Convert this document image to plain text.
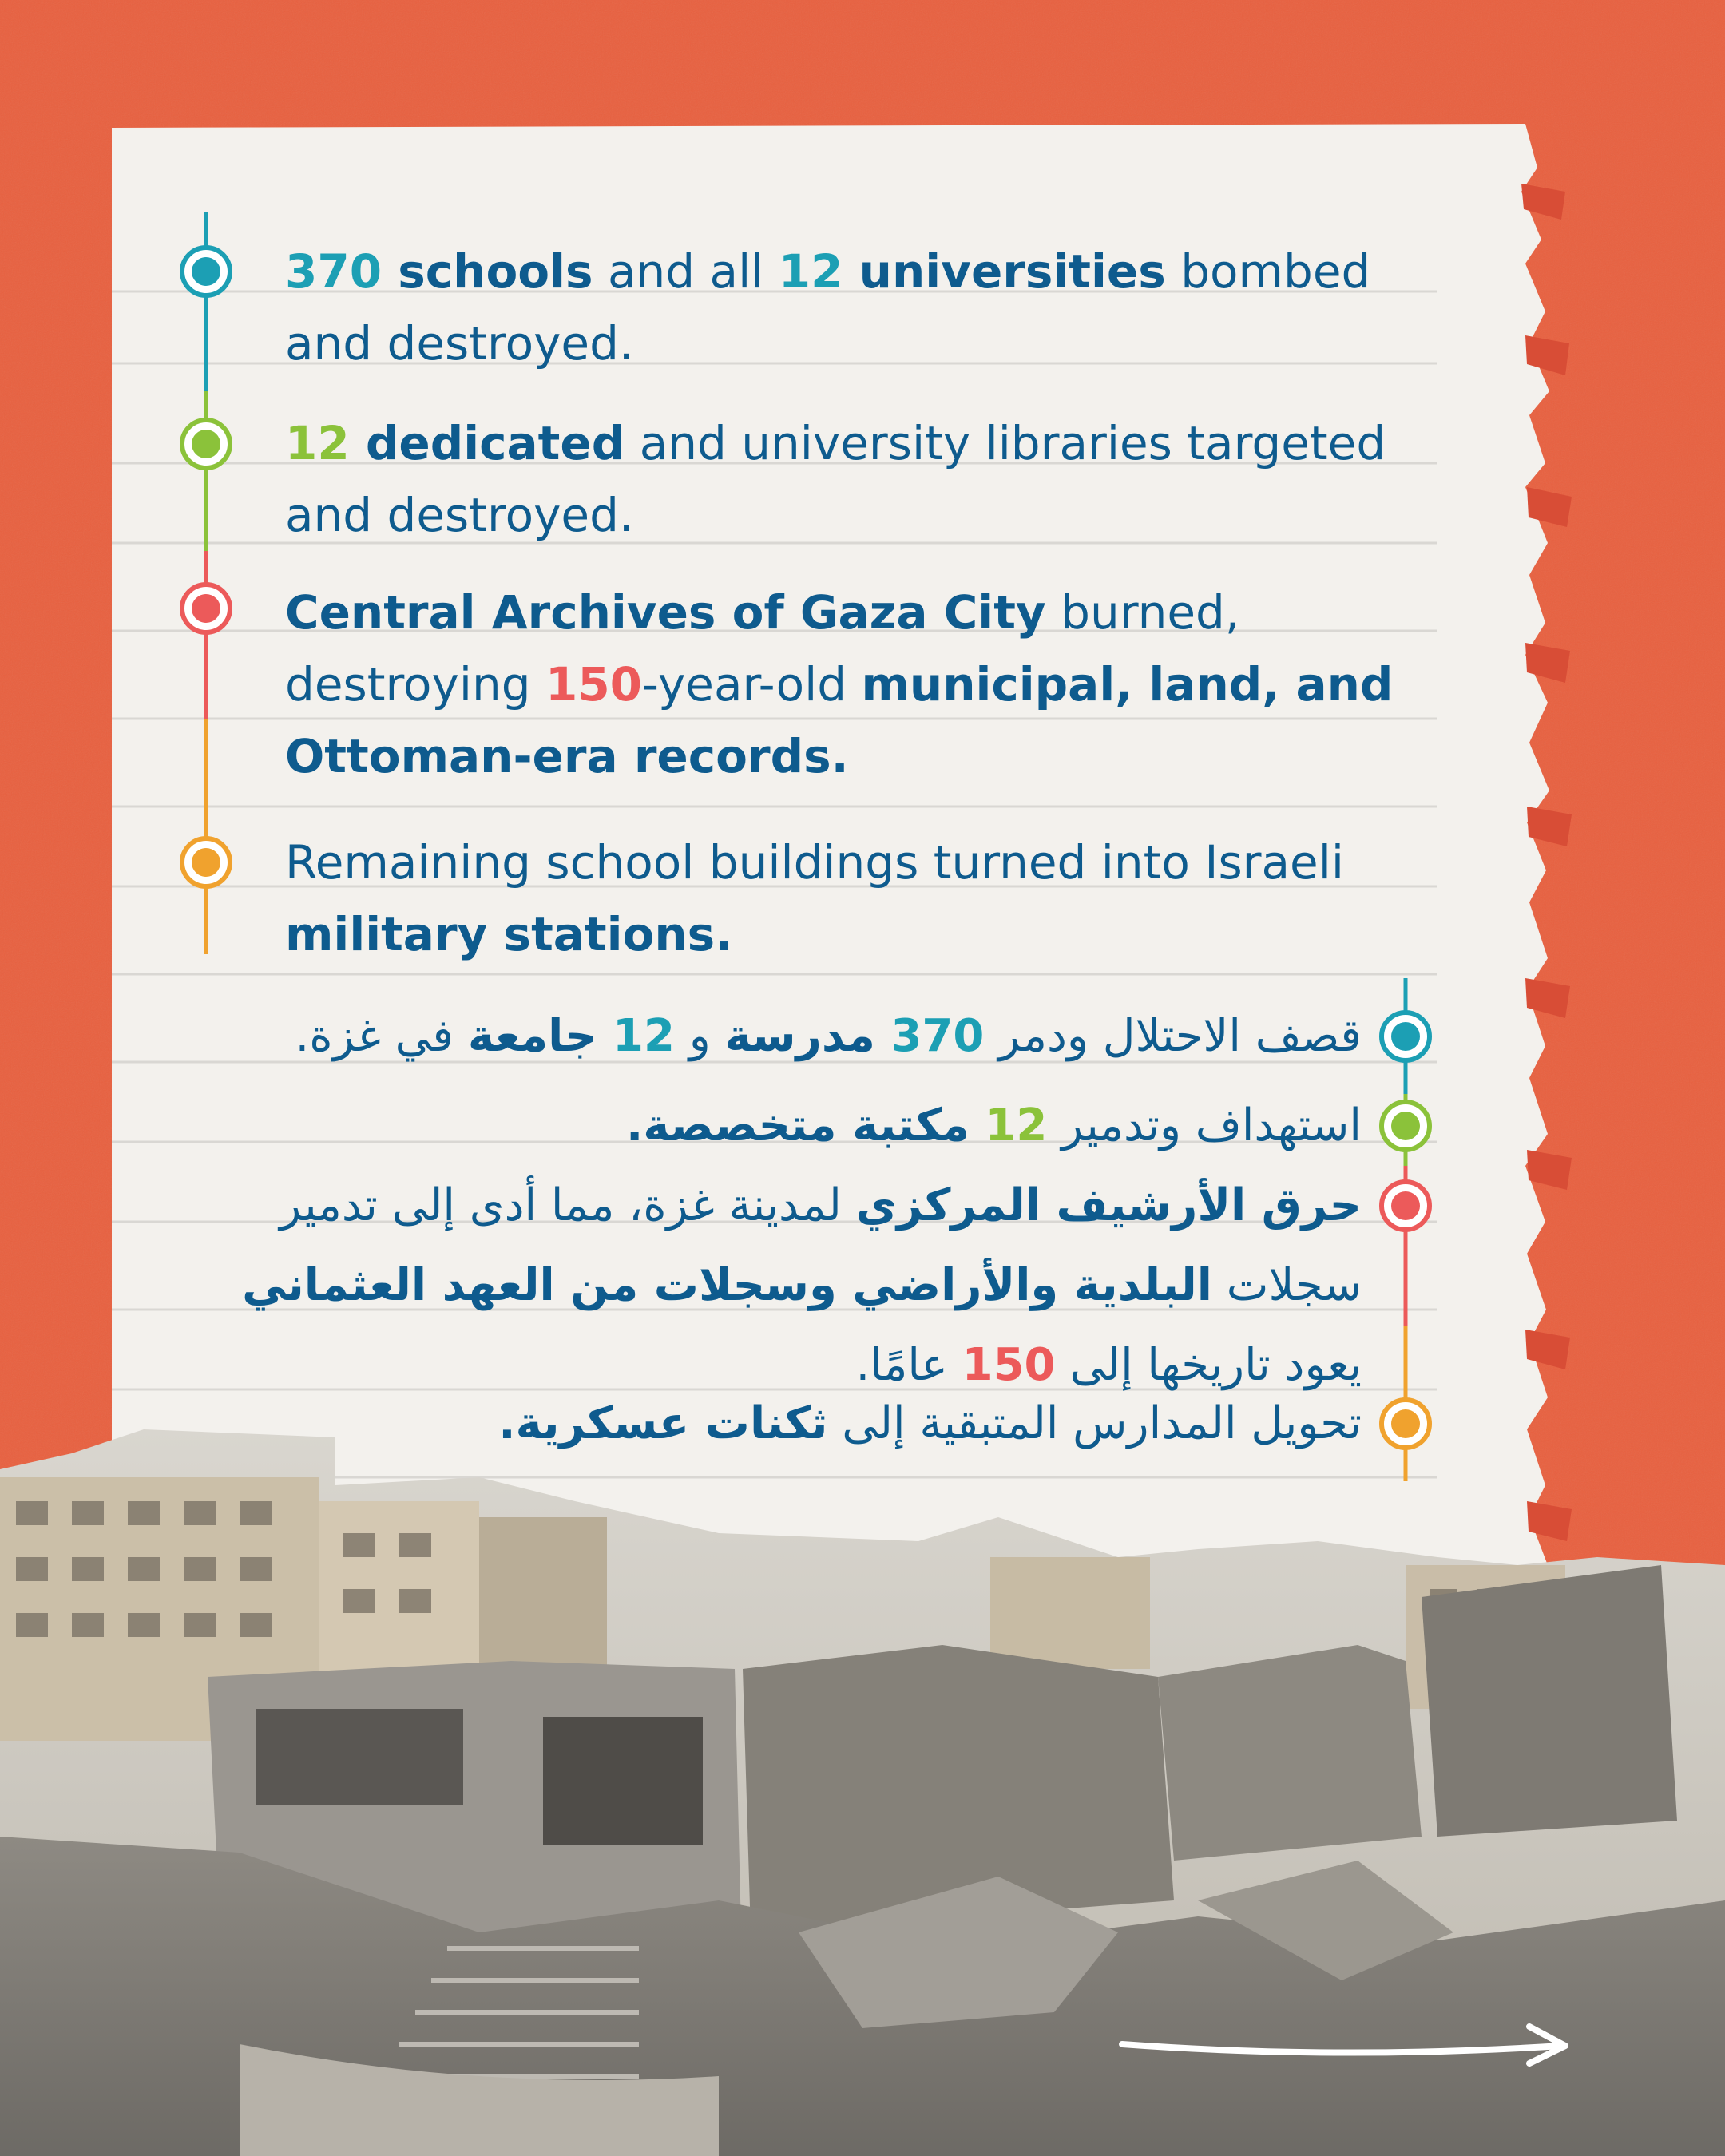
370 schools and all 12 universities bombed and destroyed.
12 dedicated and university libraries targeted and destroyed.
Central Archives of Gaza City burned, destroying 150-year-old municipal, land, and Ottoman-era records.
Remaining school buildings turned into Israeli military stations.
قصف الاحتلال ودمر 370 مدرسة و 12 جامعة في غزة.
استهداف وتدمير 12 مكتبة متخصصة.
حرق الأرشيف المركزي لمدينة غزة، مما أدى إلى تدمير سجلات البلدية والأراضي وسجلات من العهد العثماني يعود تاريخها إلى 150 عامًا.
تحويل المدارس المتبقية إلى ثكنات عسكرية.
